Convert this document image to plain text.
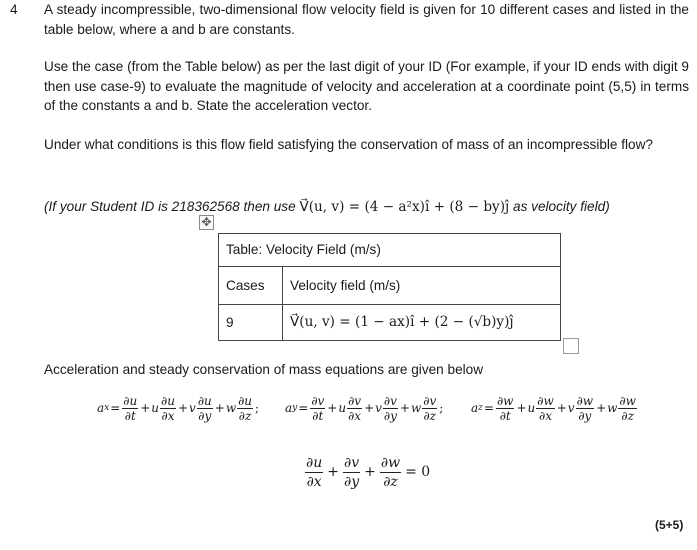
4 A steady incompressible, two-dimensional flow velocity field is given for 10 different cases and listed in the table below, where a and b are constants.
Use the case (from the Table below) as per the last digit of your ID (For example, if your ID ends with digit 9 then use case-9) to evaluate the magnitude of velocity and acceleration at a coordinate point (5,5) in terms of the constants a and b. State the acceleration vector.
Under what conditions is this flow field satisfying the conservation of mass of an incompressible flow?
(If your Student ID is 218362568 then use V⃗(u, v) = (4 − a²x)î + (8 − by)ĵ as velocity field)
✥
Table: Velocity Field (m/s)	
Cases	Velocity field (m/s)
9	V⃗(u, v) = (1 − ax)î + (2 − (√b)y)ĵ
Acceleration and steady conservation of mass equations are given below
a $x = \frac{\partial u}{\partial t} + u \frac{\partial u}{\partial x} + v \frac{\partial u}{\partial y} + w \frac{\partial u}{\partial z}$ ; a $y = \frac{\partial v}{\partial t} + u \frac{\partial v}{\partial x} + v \frac{\partial v}{\partial y} + w \frac{\partial v}{\partial z}$ ; a $z = \frac{\partial w}{\partial t} + u \frac{\partial w}{\partial x} + v \frac{\partial w}{\partial y} + w \frac{\partial w}{\partial z}$
$\frac{\partial u}{\partial x} + \frac{\partial v}{\partial y} + \frac{\partial w}{\partial z} = 0$
(5+5)
